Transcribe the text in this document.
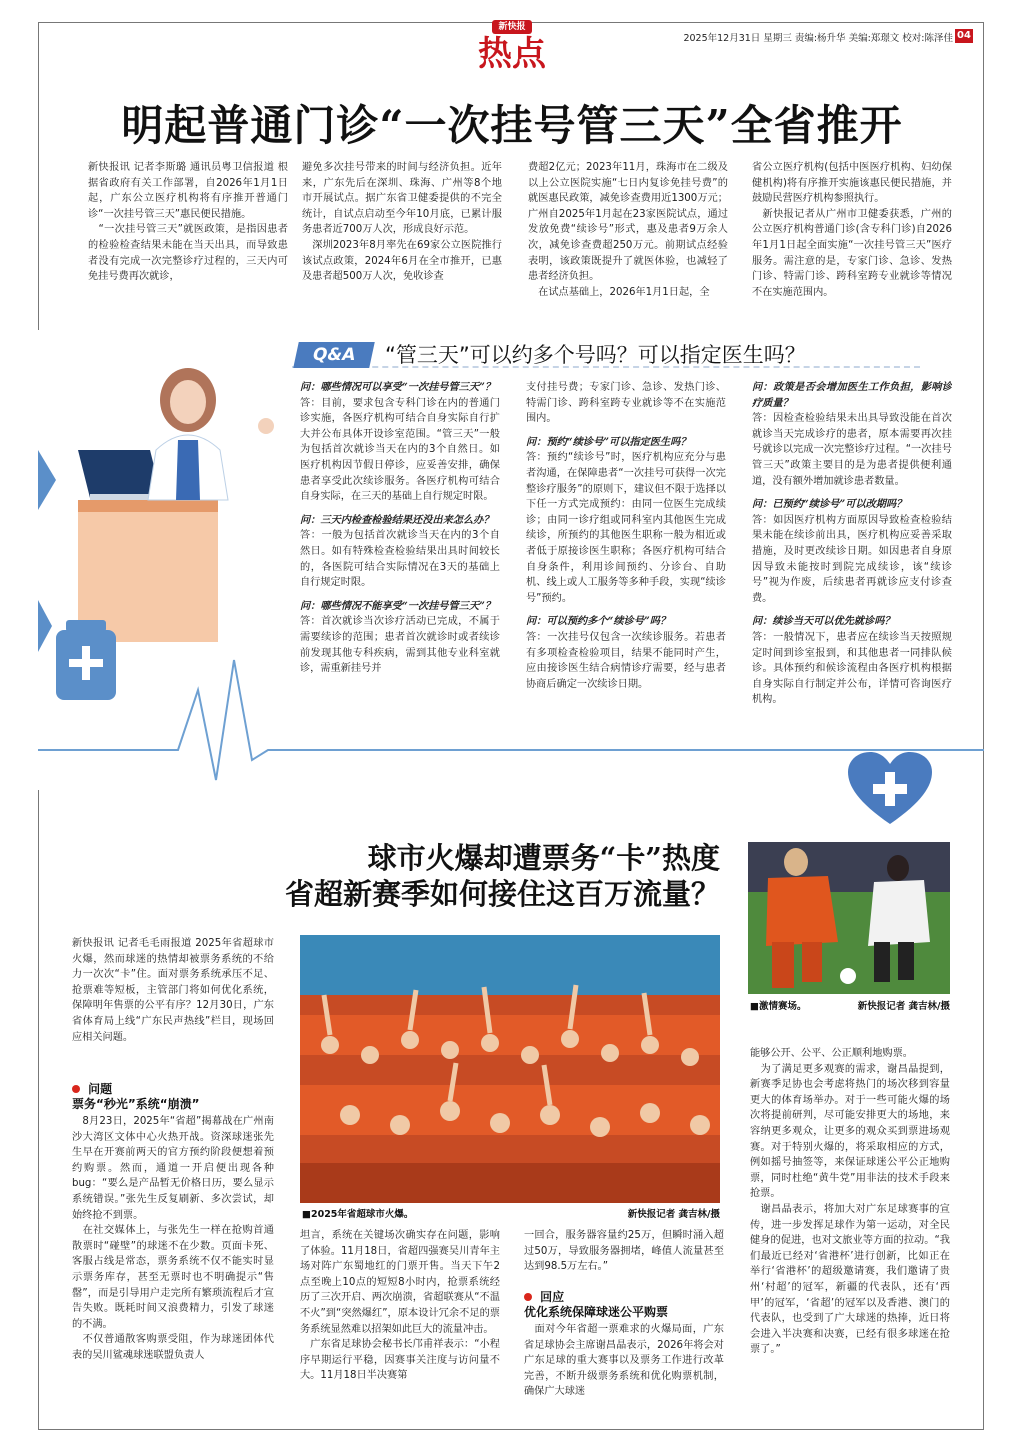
新快报
热点	2025年12月31日 星期三 责编:杨升华 美编:郑璟文 校对:陈泽佳 04
明起普通门诊“一次挂号管三天”全省推开
新快报讯 记者李斯璐 通讯员粤卫信报道 根据省政府有关工作部署，自2026年1月1日起，广东公立医疗机构将有序推开普通门诊“一次挂号管三天”惠民便民措施。
　“一次挂号管三天”就医政策，是指因患者的检验检查结果未能在当天出具，而导致患者没有完成一次完整诊疗过程的，三天内可免挂号费再次就诊，
避免多次挂号带来的时间与经济负担。近年来，广东先后在深圳、珠海、广州等8个地市开展试点。据广东省卫健委提供的不完全统计，自试点启动至今年10月底，已累计服务患者近700万人次，形成良好示范。
　深圳2023年8月率先在69家公立医院推行该试点政策，2024年6月在全市推开，已惠及患者超500万人次，免收诊查
费超2亿元；2023年11月，珠海市在二级及以上公立医院实施“七日内复诊免挂号费”的就医惠民政策，减免诊查费用近1300万元；广州自2025年1月起在23家医院试点，通过发放免费“续诊号”形式，惠及患者9万余人次，减免诊查费超250万元。前期试点经验表明，该政策既提升了就医体验，也减轻了患者经济负担。
　在试点基础上，2026年1月1日起，全
省公立医疗机构(包括中医医疗机构、妇幼保健机构)将有序推开实施该惠民便民措施，并鼓励民营医疗机构参照执行。
　新快报记者从广州市卫健委获悉，广州的公立医疗机构普通门诊(含专科门诊)自2026年1月1日起全面实施“一次挂号管三天”医疗服务。需注意的是，专家门诊、急诊、发热门诊、特需门诊、跨科室跨专业就诊等情况不在实施范围内。
Q&A	“管三天”可以约多个号吗？可以指定医生吗？

问：哪些情况可以享受“一次挂号管三天”？
答：目前，要求包含专科门诊在内的普通门诊实施，各医疗机构可结合自身实际自行扩大并公布具体开设诊室范围。“管三天”一般为包括首次就诊当天在内的3个自然日。如医疗机构因节假日停诊，应妥善安排，确保患者享受此次续诊服务。各医疗机构可结合自身实际，在三天的基础上自行规定时限。

问：三天内检查检验结果还没出来怎么办？
答：一般为包括首次就诊当天在内的3个自然日。如有特殊检查检验结果出具时间较长的，各医院可结合实际情况在3天的基础上自行规定时限。

问：哪些情况不能享受“一次挂号管三天”？
答：首次就诊当次诊疗活动已完成，不属于需要续诊的范围；患者首次就诊时或者续诊前发现其他专科疾病，需到其他专业科室就诊，需重新挂号并

支付挂号费；专家门诊、急诊、发热门诊、特需门诊、跨科室跨专业就诊等不在实施范围内。

问：预约“续诊号”可以指定医生吗？
答：预约“续诊号”时，医疗机构应充分与患者沟通，在保障患者“一次挂号可获得一次完整诊疗服务”的原则下，建议但不限于选择以下任一方式完成预约：由同一位医生完成续诊；由同一诊疗组或同科室内其他医生完成续诊，所预约的其他医生职称一般为相近或者低于原接诊医生职称；各医疗机构可结合自身条件，利用诊间预约、分诊台、自助机、线上或人工服务等多种手段，实现“续诊号”预约。

问：可以预约多个“续诊号”吗？
答：一次挂号仅包含一次续诊服务。若患者有多项检查检验项目，结果不能同时产生，应由接诊医生结合病情诊疗需要，经与患者协商后确定一次续诊日期。

问：政策是否会增加医生工作负担，影响诊疗质量？
答：因检查检验结果未出具导致没能在首次就诊当天完成诊疗的患者，原本需要再次挂号就诊以完成一次完整诊疗过程。“一次挂号管三天”政策主要目的是为患者提供便利通道，没有额外增加就诊患者数量。

问：已预约“续诊号”可以改期吗？
答：如因医疗机构方面原因导致检查检验结果未能在续诊前出具，医疗机构应妥善采取措施，及时更改续诊日期。如因患者自身原因导致未能按时到院完成续诊，该“续诊号”视为作废，后续患者再就诊应支付诊查费。

问：续诊当天可以优先就诊吗？
答：一般情况下，患者应在续诊当天按照规定时间到诊室报到，和其他患者一同排队候诊。具体预约和候诊流程由各医疗机构根据自身实际自行制定并公布，详情可咨询医疗机构。

球市火爆却遭票务“卡”热度
省超新赛季如何接住这百万流量？
■激情赛场。	新快报记者 龚吉林/摄
■2025年省超球市火爆。	新快报记者 龚吉林/摄
新快报讯 记者毛毛雨报道 2025年省超球市火爆，然而球迷的热情却被票务系统的不给力一次次“卡”住。面对票务系统承压不足、抢票难等短板，主管部门将如何优化系统，保障明年售票的公平有序？12月30日，广东省体育局上线“广东民声热线”栏目，现场回应相关问题。
问题
票务“秒光”系统“崩溃”
　8月23日，2025年“省超”揭幕战在广州南沙大湾区文体中心火热开战。资深球迷张先生早在开赛前两天的官方预约阶段便想着预约购票。然而，通道一开启便出现各种bug：“要么是产品暂无价格日历，要么显示系统错误。”张先生反复刷新、多次尝试，却始终抢不到票。
　在社交媒体上，与张先生一样在抢购首通散票时“碰壁”的球迷不在少数。页面卡死、客服占线是常态，票务系统不仅不能实时显示票务库存，甚至无票时也不明确提示“售罄”，而是引导用户走完所有繁琐流程后才宣告失败。既耗时间又浪费精力，引发了球迷的不满。
　不仅普通散客购票受阻，作为球迷团体代表的吴川鲨魂球迷联盟负责人
坦言，系统在关键场次确实存在问题，影响了体验。11月18日，省超四强赛吴川青年主场对阵广东蜀地红的门票开售。当天下午2点至晚上10点的短短8小时内，抢票系统经历了三次开启、两次崩溃，省超联赛从“不温不火”到“突然爆红”，原本设计冗余不足的票务系统显然难以招架如此巨大的流量冲击。
　广东省足球协会秘书长邝甫祥表示：“小程序早期运行平稳，因赛事关注度与访问量不大。11月18日半决赛第
一回合，服务器容量约25万，但瞬时涌入超过50万，导致服务器拥堵，峰值人流量甚至达到98.5万左右。”
回应
优化系统保障球迷公平购票
　面对今年省超一票难求的火爆局面，广东省足球协会主席谢昌晶表示，2026年将会对广东足球的重大赛事以及票务工作进行改革完善，不断升级票务系统和优化购票机制，确保广大球迷
能够公开、公平、公正顺利地购票。
　为了满足更多观赛的需求，谢昌晶提到，新赛季足协也会考虑将热门的场次移到容量更大的体育场举办。对于一些可能火爆的场次将提前研判，尽可能安排更大的场地，来容纳更多观众，让更多的观众买到票进场观赛。对于特别火爆的，将采取相应的方式，例如摇号抽签等，来保证球迷公平公正地购票，同时杜绝“黄牛党”用非法的技术手段来抢票。
　谢昌晶表示，将加大对广东足球赛事的宣传，进一步发挥足球作为第一运动，对全民健身的促进，也对文旅业等方面的拉动。“我们最近已经对‘省港杯’进行创新，比如正在举行‘省港杯’的超级邀请赛，我们邀请了贵州‘村超’的冠军，新疆的代表队，还有‘西甲’的冠军，‘省超’的冠军以及香港、澳门的代表队，也受到了广大球迷的热捧，近日将会进入半决赛和决赛，已经有很多球迷在抢票了。”
